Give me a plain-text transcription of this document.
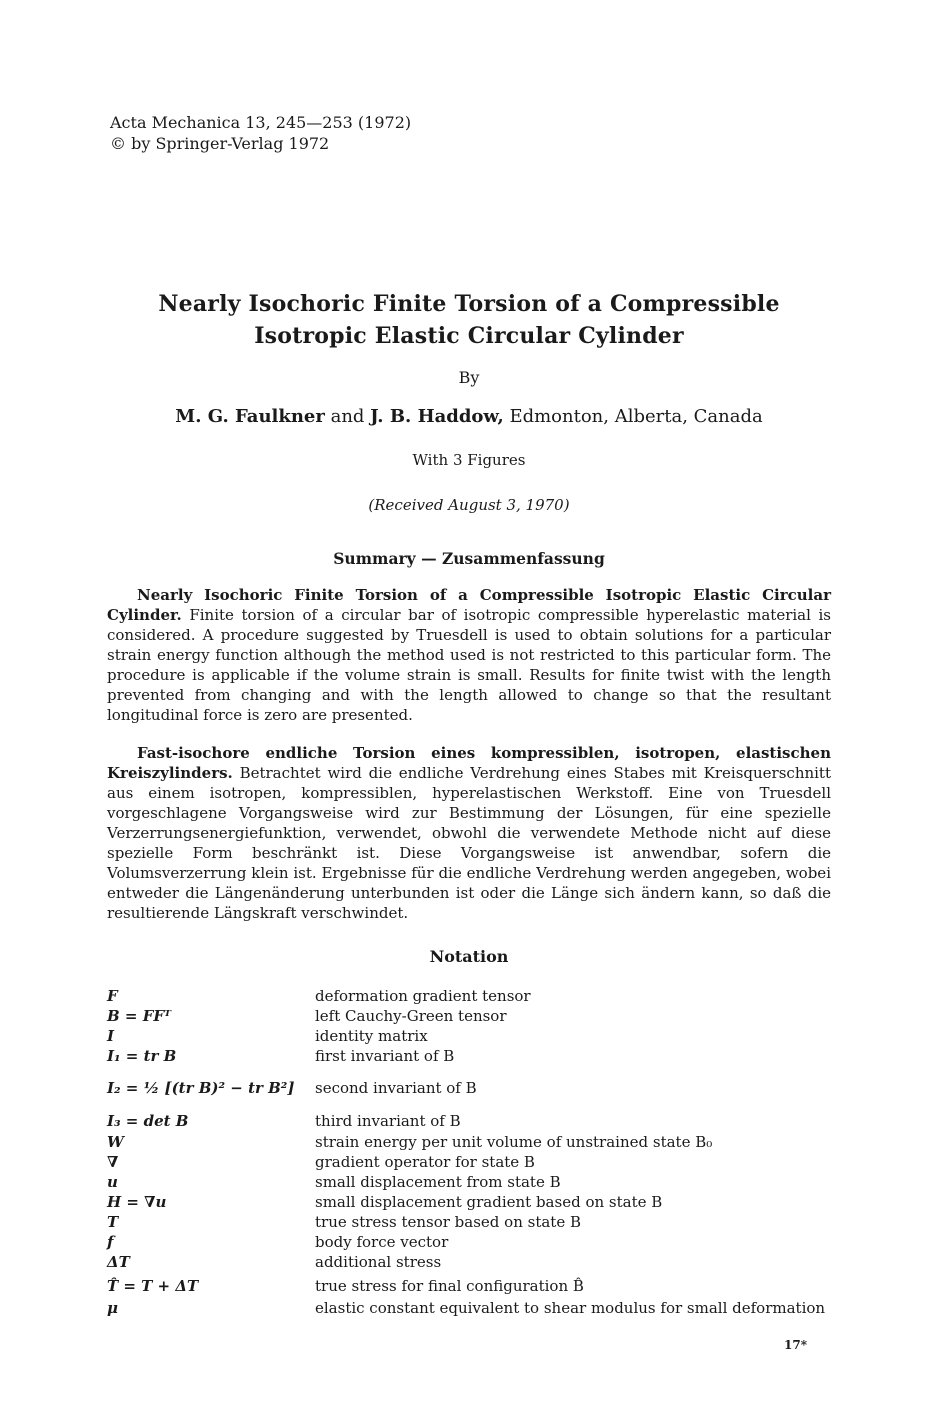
Acta Mechanica 13, 245—253 (1972)
© by Springer-Verlag 1972
Nearly Isochoric Finite Torsion of a Compressible
Isotropic Elastic Circular Cylinder
By
M. G. Faulkner and J. B. Haddow, Edmonton, Alberta, Canada
With 3 Figures
(Received August 3, 1970)
Summary — Zusammenfassung
Nearly Isochoric Finite Torsion of a Compressible Isotropic Elastic Circular Cylinder. Finite torsion of a circular bar of isotropic compressible hyperelastic material is considered. A procedure suggested by Truesdell is used to obtain solutions for a particular strain energy function although the method used is not restricted to this particular form. The procedure is applicable if the volume strain is small. Results for finite twist with the length prevented from changing and with the length allowed to change so that the resultant longitudinal force is zero are presented.
Fast-isochore endliche Torsion eines kompressiblen, isotropen, elastischen Kreiszylinders. Betrachtet wird die endliche Verdrehung eines Stabes mit Kreisquerschnitt aus einem isotropen, kompressiblen, hyperelastischen Werkstoff. Eine von Truesdell vorgeschlagene Vorgangsweise wird zur Bestimmung der Lösungen, für eine spezielle Verzerrungsenergiefunktion, verwendet, obwohl die verwendete Methode nicht auf diese spezielle Form beschränkt ist. Diese Vorgangsweise ist anwendbar, sofern die Volumsverzerrung klein ist. Ergebnisse für die endliche Verdrehung werden angegeben, wobei entweder die Längenänderung unterbunden ist oder die Länge sich ändern kann, so daß die resultierende Längskraft verschwindet.
Notation
F	deformation gradient tensor
B = FFᵀ	left Cauchy-Green tensor
I	identity matrix
I₁ = tr B	first invariant of B
I₂ = ½ [(tr B)² − tr B²] second invariant of B
I₃ = det B	third invariant of B
W	strain energy per unit volume of unstrained state B₀
∇	gradient operator for state B
u	small displacement from state B
H = ∇u	small displacement gradient based on state B
T	true stress tensor based on state B
f	body force vector
ΔT	additional stress
T̂ = T + ΔT	true stress for final configuration B̂
μ	elastic constant equivalent to shear modulus for small deformation
17*
